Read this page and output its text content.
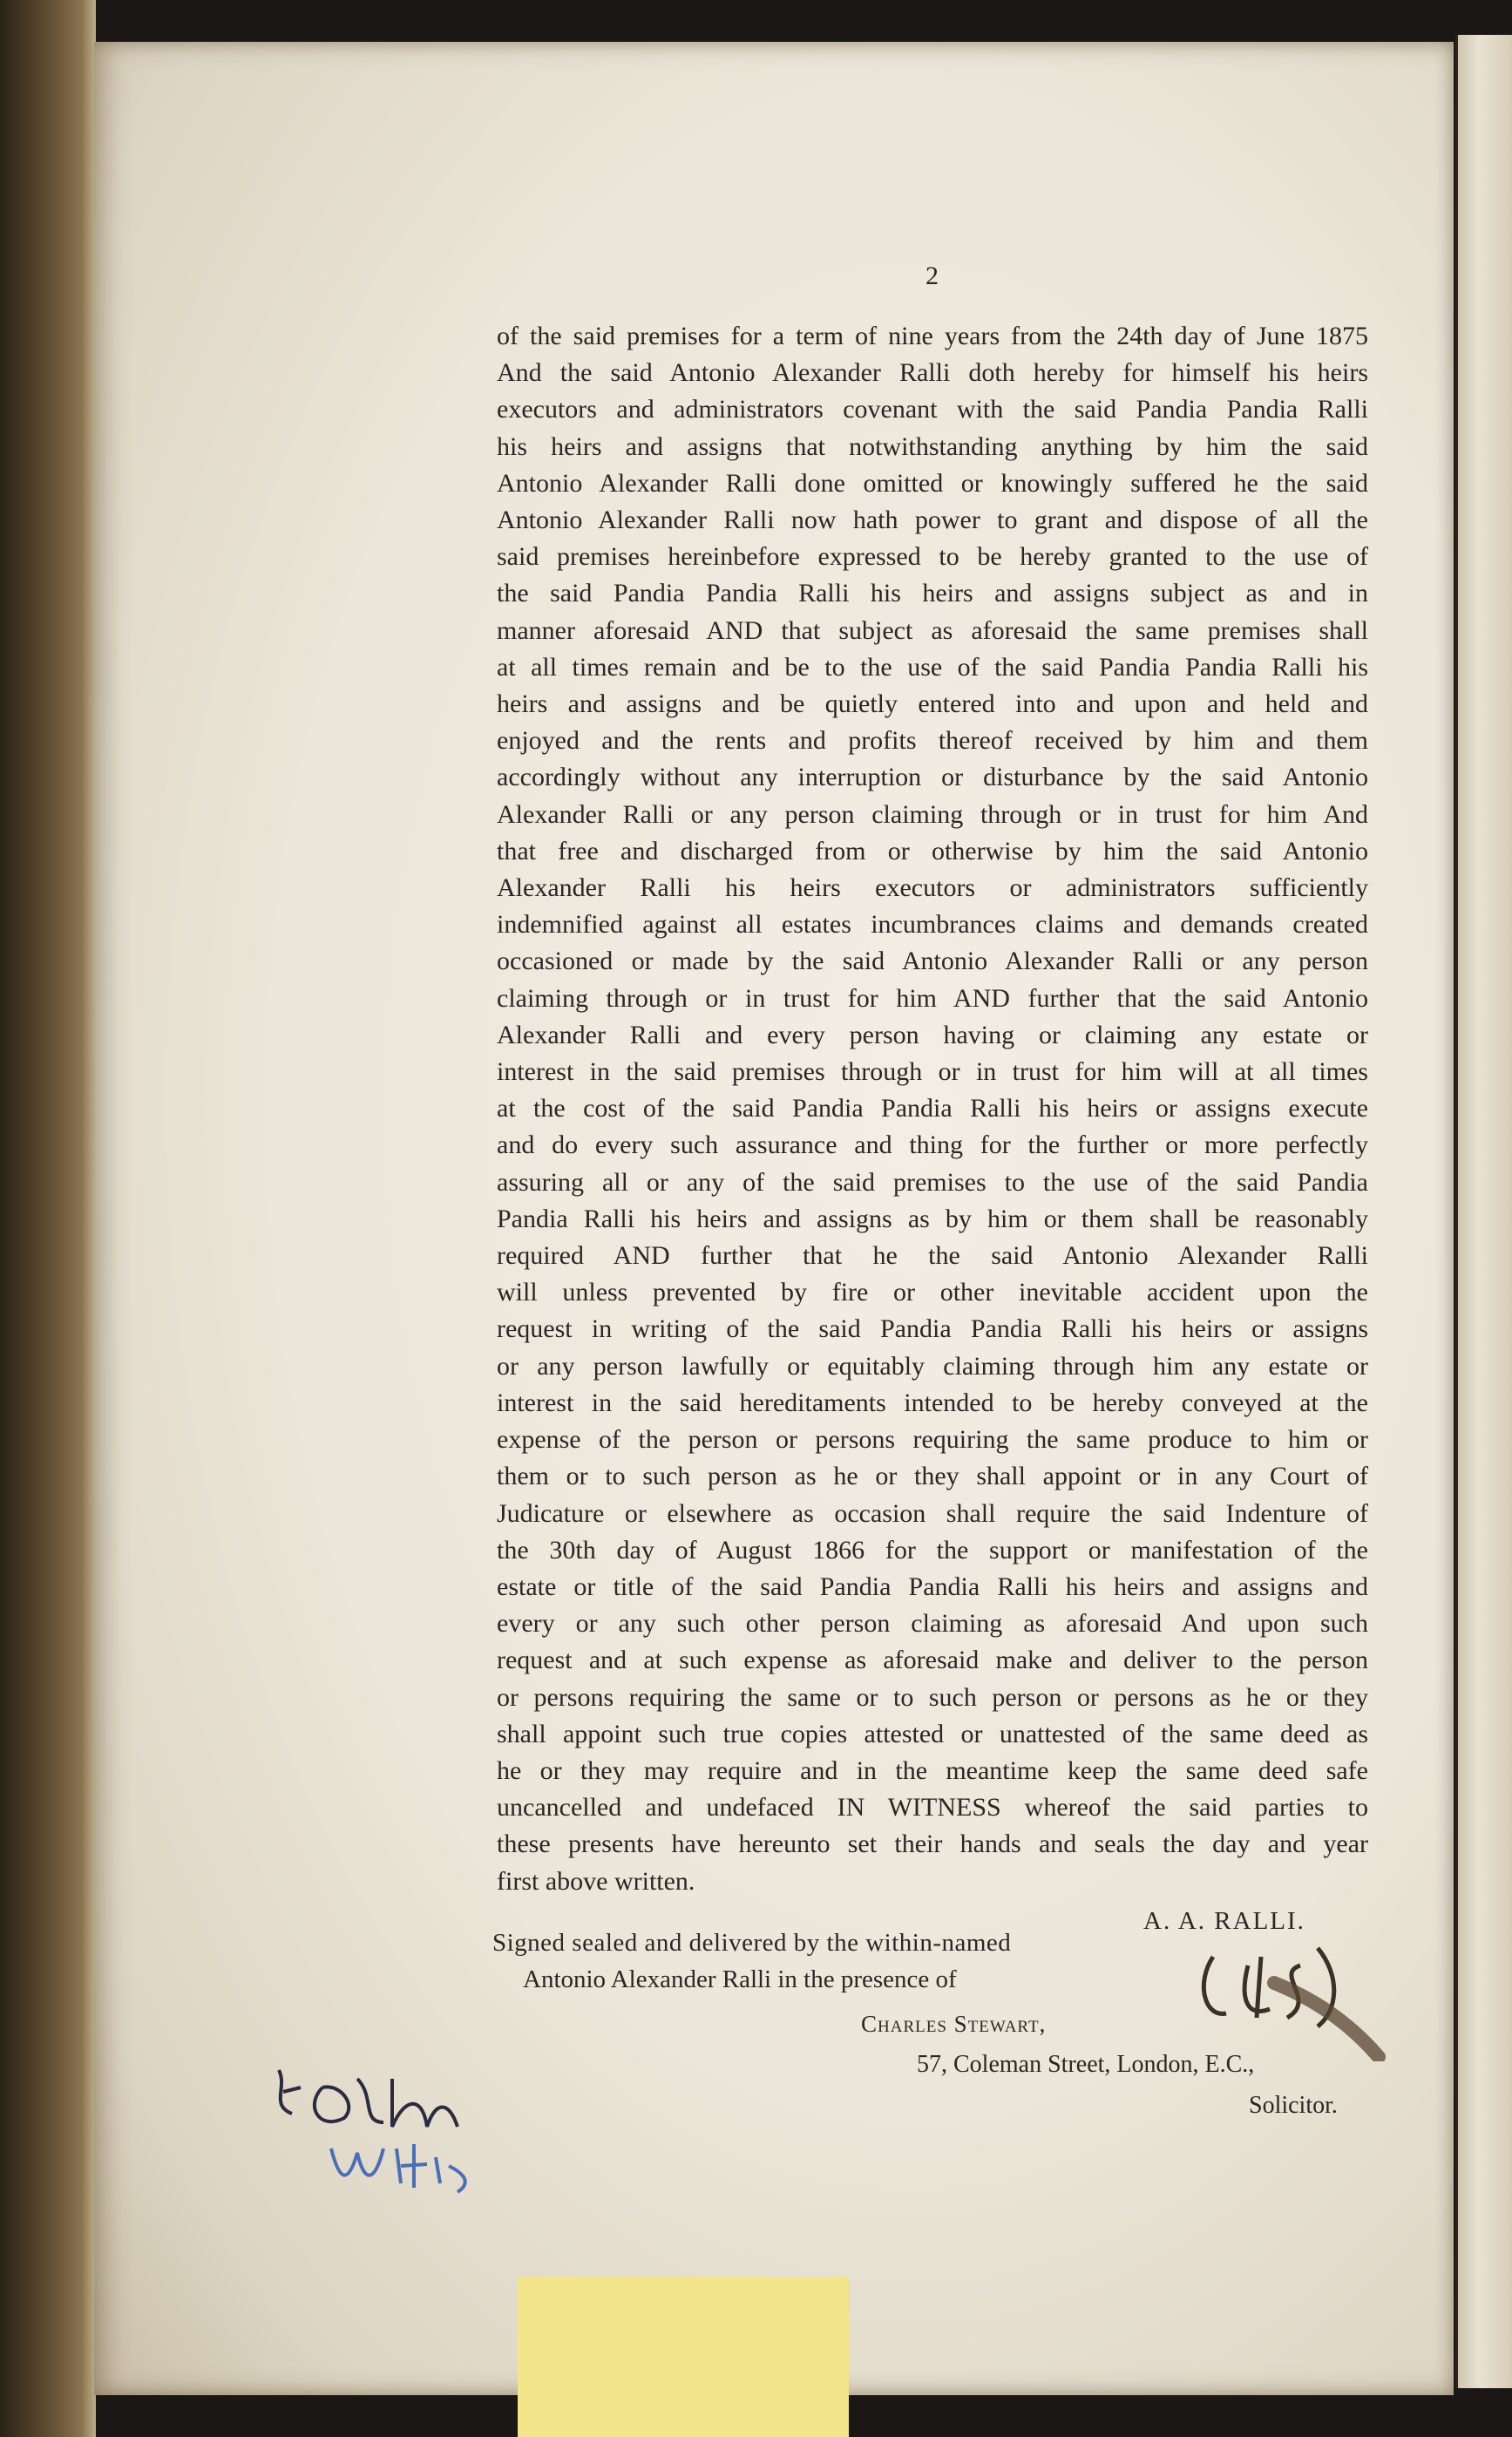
2
of the said premises for a term of nine years from the 24th day of June 1875
And the said Antonio Alexander Ralli doth hereby for himself his heirs
executors and administrators covenant with the said Pandia Pandia Ralli
his heirs and assigns that notwithstanding anything by him the said
Antonio Alexander Ralli done omitted or knowingly suffered he the said
Antonio Alexander Ralli now hath power to grant and dispose of all the
said premises hereinbefore expressed to be hereby granted to the use of
the said Pandia Pandia Ralli his heirs and assigns subject as and in
manner aforesaid AND that subject as aforesaid the same premises shall
at all times remain and be to the use of the said Pandia Pandia Ralli his
heirs and assigns and be quietly entered into and upon and held and
enjoyed and the rents and profits thereof received by him and them
accordingly without any interruption or disturbance by the said Antonio
Alexander Ralli or any person claiming through or in trust for him And
that free and discharged from or otherwise by him the said Antonio
Alexander Ralli his heirs executors or administrators sufficiently
indemnified against all estates incumbrances claims and demands created
occasioned or made by the said Antonio Alexander Ralli or any person
claiming through or in trust for him AND further that the said Antonio
Alexander Ralli and every person having or claiming any estate or
interest in the said premises through or in trust for him will at all times
at the cost of the said Pandia Pandia Ralli his heirs or assigns execute
and do every such assurance and thing for the further or more perfectly
assuring all or any of the said premises to the use of the said Pandia
Pandia Ralli his heirs and assigns as by him or them shall be reasonably
required AND further that he the said Antonio Alexander Ralli
will unless prevented by fire or other inevitable accident upon the
request in writing of the said Pandia Pandia Ralli his heirs or assigns
or any person lawfully or equitably claiming through him any estate or
interest in the said hereditaments intended to be hereby conveyed at the
expense of the person or persons requiring the same produce to him or
them or to such person as he or they shall appoint or in any Court of
Judicature or elsewhere as occasion shall require the said Indenture of
the 30th day of August 1866 for the support or manifestation of the
estate or title of the said Pandia Pandia Ralli his heirs and assigns and
every or any such other person claiming as aforesaid And upon such
request and at such expense as aforesaid make and deliver to the person
or persons requiring the same or to such person or persons as he or they
shall appoint such true copies attested or unattested of the same deed as
he or they may require and in the meantime keep the same deed safe
uncancelled and undefaced IN WITNESS whereof the said parties to
these presents have hereunto set their hands and seals the day and year
first above written.
A. A. RALLI.
Signed sealed and delivered by the within-named
Antonio Alexander Ralli in the presence of
Charles Stewart,
57, Coleman Street, London, E.C.,
Solicitor.
